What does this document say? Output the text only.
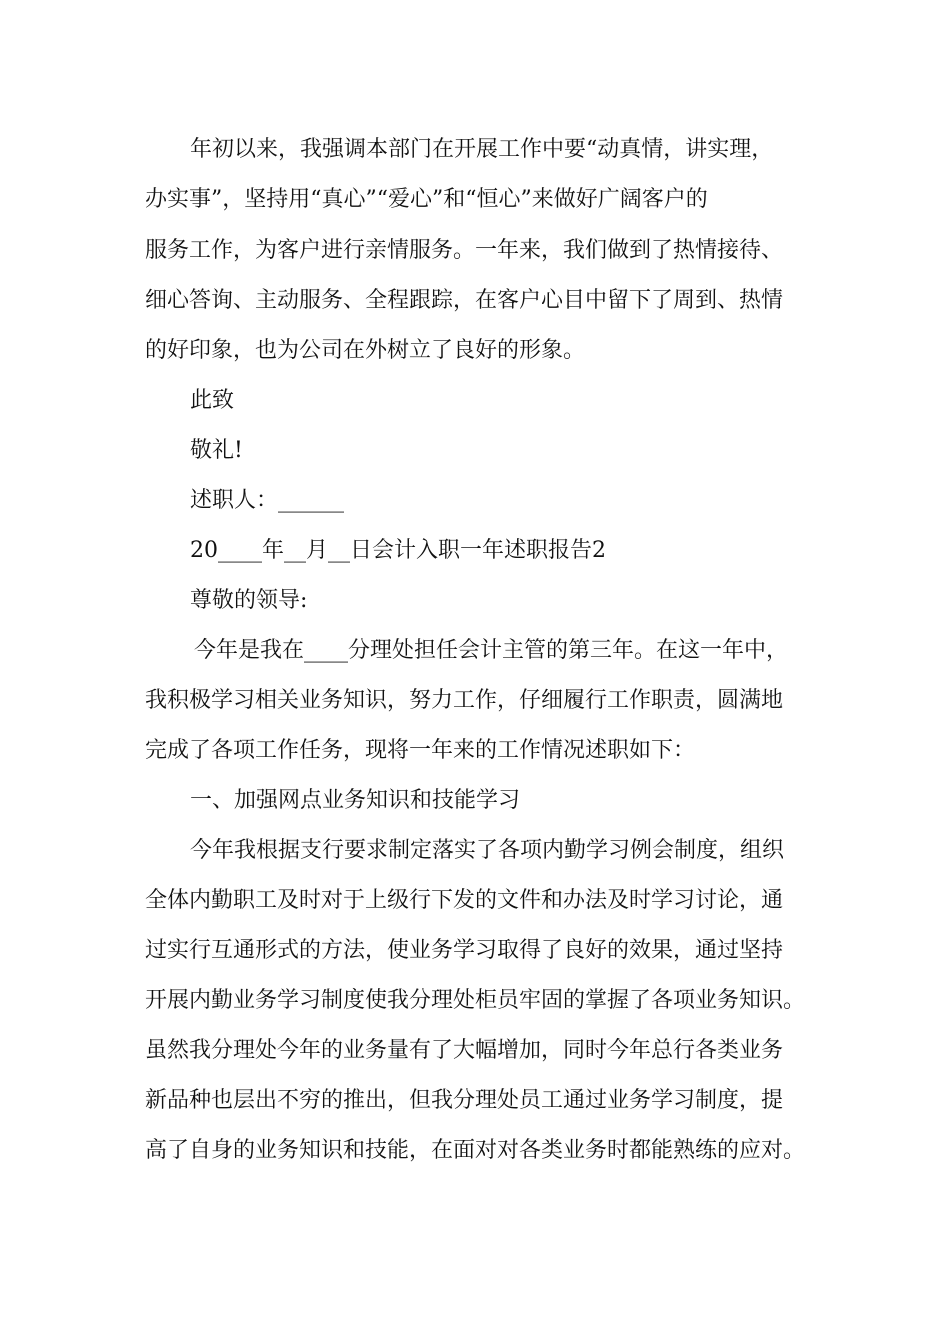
年初以来，我强调本部门在开展工作中要“动真情，讲实理，
办实事”，坚持用“真心”“爱心”和“恒心”来做好广阔客户的
服务工作，为客户进行亲情服务。一年来，我们做到了热情接待、
细心答询、主动服务、全程跟踪，在客户心目中留下了周到、热情
的好印象，也为公司在外树立了良好的形象。
此致
敬礼!
述职人：______
20____年__月__日会计入职一年述职报告2
尊敬的领导:
今年是我在____分理处担任会计主管的第三年。在这一年中，
我积极学习相关业务知识，努力工作，仔细履行工作职责，圆满地
完成了各项工作任务，现将一年来的工作情况述职如下：
一、加强网点业务知识和技能学习
今年我根据支行要求制定落实了各项内勤学习例会制度，组织
全体内勤职工及时对于上级行下发的文件和办法及时学习讨论，通
过实行互通形式的方法，使业务学习取得了良好的效果，通过坚持
开展内勤业务学习制度使我分理处柜员牢固的掌握了各项业务知识。
虽然我分理处今年的业务量有了大幅增加，同时今年总行各类业务
新品种也层出不穷的推出，但我分理处员工通过业务学习制度，提
高了自身的业务知识和技能，在面对对各类业务时都能熟练的应对。
